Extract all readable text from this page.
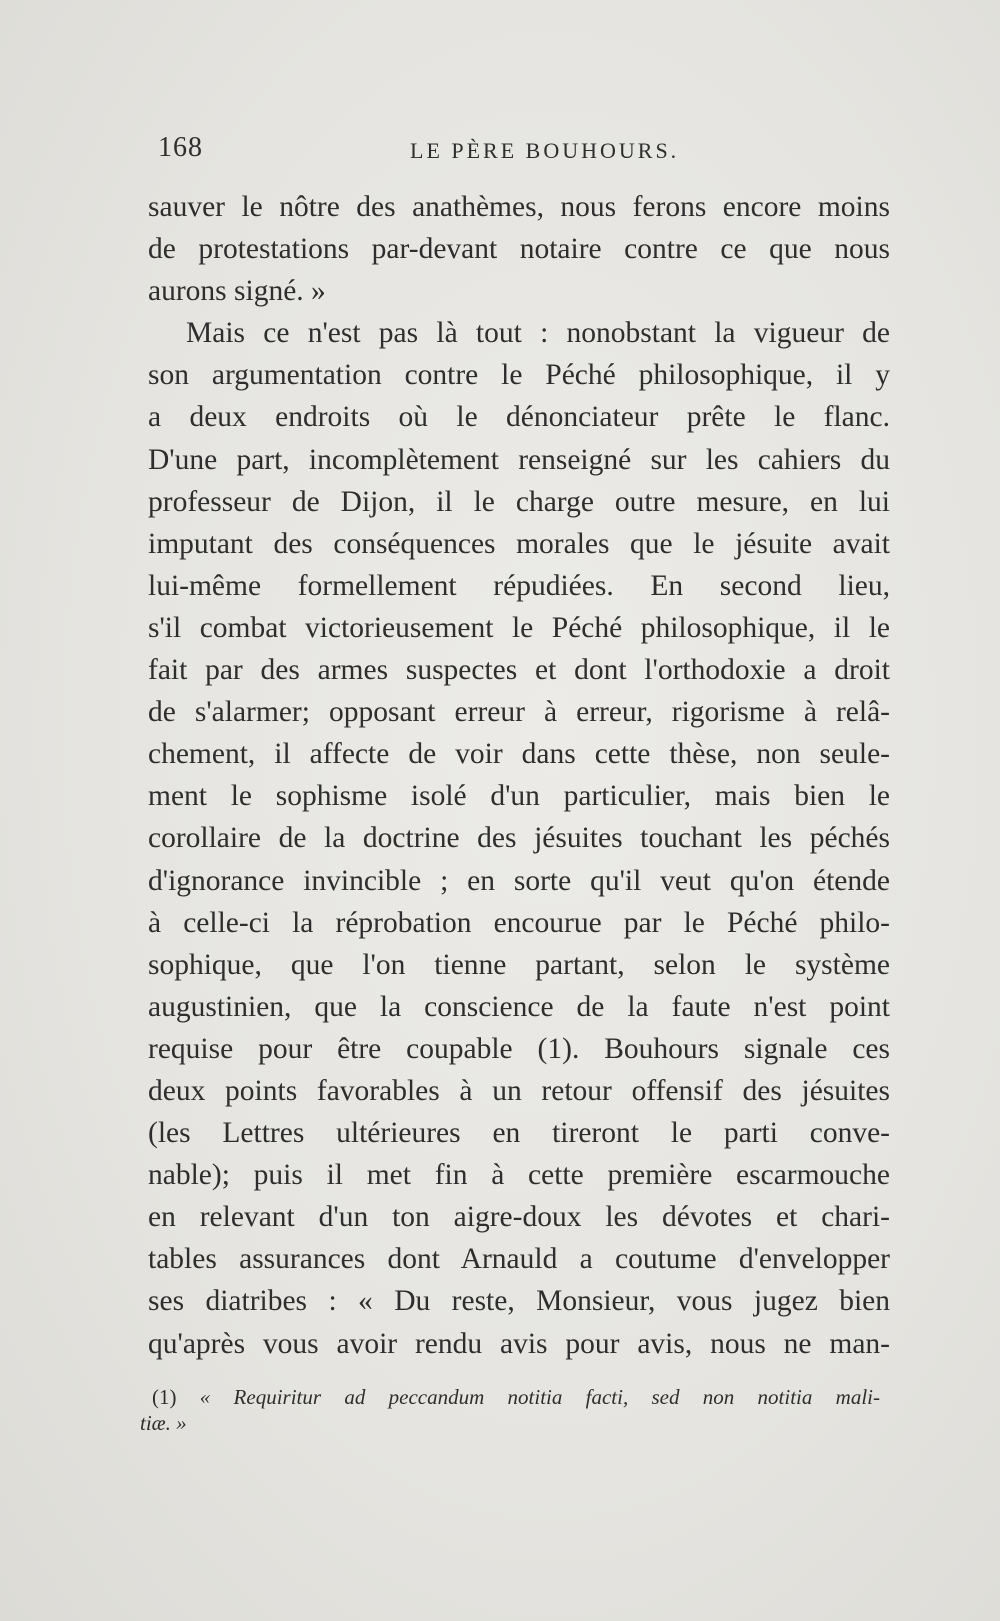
168	LE PÈRE BOUHOURS.
sauver le nôtre des anathèmes, nous ferons encore moins
de protestations par-devant notaire contre ce que nous
aurons signé. »
Mais ce n'est pas là tout : nonobstant la vigueur de
son argumentation contre le Péché philosophique, il y
a deux endroits où le dénonciateur prête le flanc.
D'une part, incomplètement renseigné sur les cahiers du
professeur de Dijon, il le charge outre mesure, en lui
imputant des conséquences morales que le jésuite avait
lui-même formellement répudiées. En second lieu,
s'il combat victorieusement le Péché philosophique, il le
fait par des armes suspectes et dont l'orthodoxie a droit
de s'alarmer; opposant erreur à erreur, rigorisme à relâ-
chement, il affecte de voir dans cette thèse, non seule-
ment le sophisme isolé d'un particulier, mais bien le
corollaire de la doctrine des jésuites touchant les péchés
d'ignorance invincible ; en sorte qu'il veut qu'on étende
à celle-ci la réprobation encourue par le Péché philo-
sophique, que l'on tienne partant, selon le système
augustinien, que la conscience de la faute n'est point
requise pour être coupable (1). Bouhours signale ces
deux points favorables à un retour offensif des jésuites
(les Lettres ultérieures en tireront le parti conve-
nable); puis il met fin à cette première escarmouche
en relevant d'un ton aigre-doux les dévotes et chari-
tables assurances dont Arnauld a coutume d'envelopper
ses diatribes : « Du reste, Monsieur, vous jugez bien
qu'après vous avoir rendu avis pour avis, nous ne man-
(1) « Requiritur ad peccandum notitia facti, sed non notitia mali-
tiæ. »
